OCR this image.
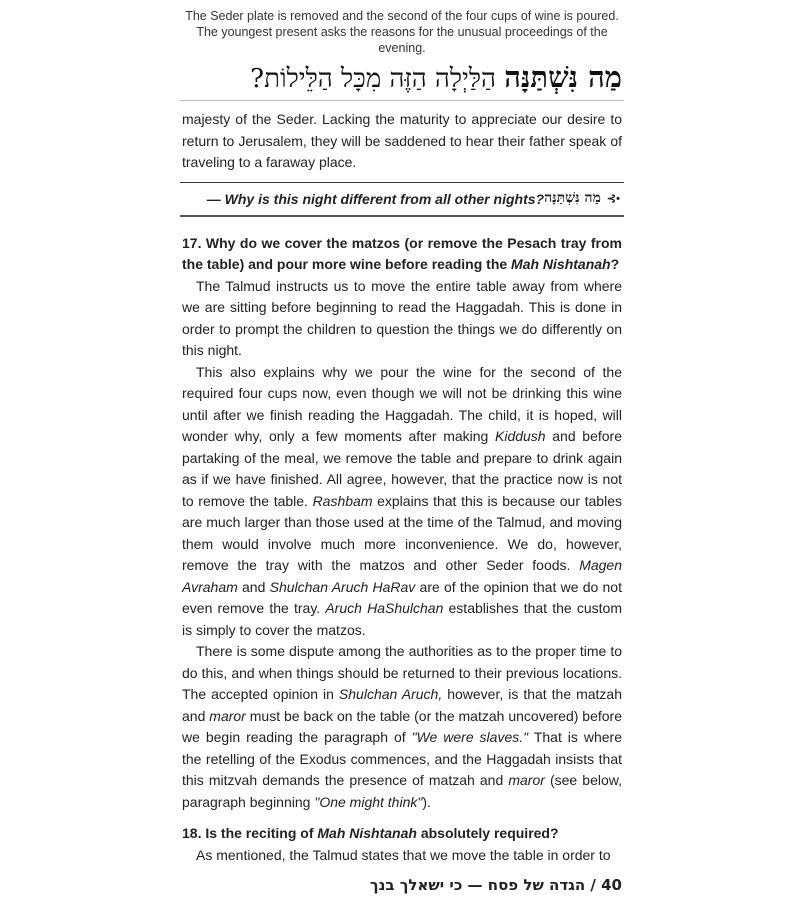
The Seder plate is removed and the second of the four cups of wine is poured.
The youngest present asks the reasons for the unusual proceedings of the evening.
מַה נִּשְׁתַּנָּה הַלַּיְלָה הַזֶּה מִכָּל הַלֵּילוֹת?

majesty of the Seder. Lacking the maturity to appreciate our desire to return to Jerusalem, they will be saddened to hear their father speak of traveling to a faraway place.

— Why is this night different from all other nights? מַה נִּשְׁתַּנָּה ⊰•

17. Why do we cover the matzos (or remove the Pesach tray from the table) and pour more wine before reading the Mah Nishtanah?

The Talmud instructs us to move the entire table away from where we are sitting before beginning to read the Haggadah. This is done in order to prompt the children to question the things we do differently on this night.

This also explains why we pour the wine for the second of the required four cups now, even though we will not be drinking this wine until after we finish reading the Haggadah. The child, it is hoped, will wonder why, only a few moments after making Kiddush and before partaking of the meal, we remove the table and prepare to drink again as if we have finished. All agree, however, that the practice now is not to remove the table. Rashbam explains that this is because our tables are much larger than those used at the time of the Talmud, and moving them would involve much more inconvenience. We do, however, remove the tray with the matzos and other Seder foods. Magen Avraham and Shulchan Aruch HaRav are of the opinion that we do not even remove the tray. Aruch HaShulchan establishes that the custom is simply to cover the matzos.

There is some dispute among the authorities as to the proper time to do this, and when things should be returned to their previous locations. The accepted opinion in Shulchan Aruch, however, is that the matzah and maror must be back on the table (or the matzah uncovered) before we begin reading the paragraph of "We were slaves." That is where the retelling of the Exodus commences, and the Haggadah insists that this mitzvah demands the presence of matzah and maror (see below, paragraph beginning "One might think").

18. Is the reciting of Mah Nishtanah absolutely required?

As mentioned, the Talmud states that we move the table in order to

40 / הגדה של פסח — כי ישאלך בנך
